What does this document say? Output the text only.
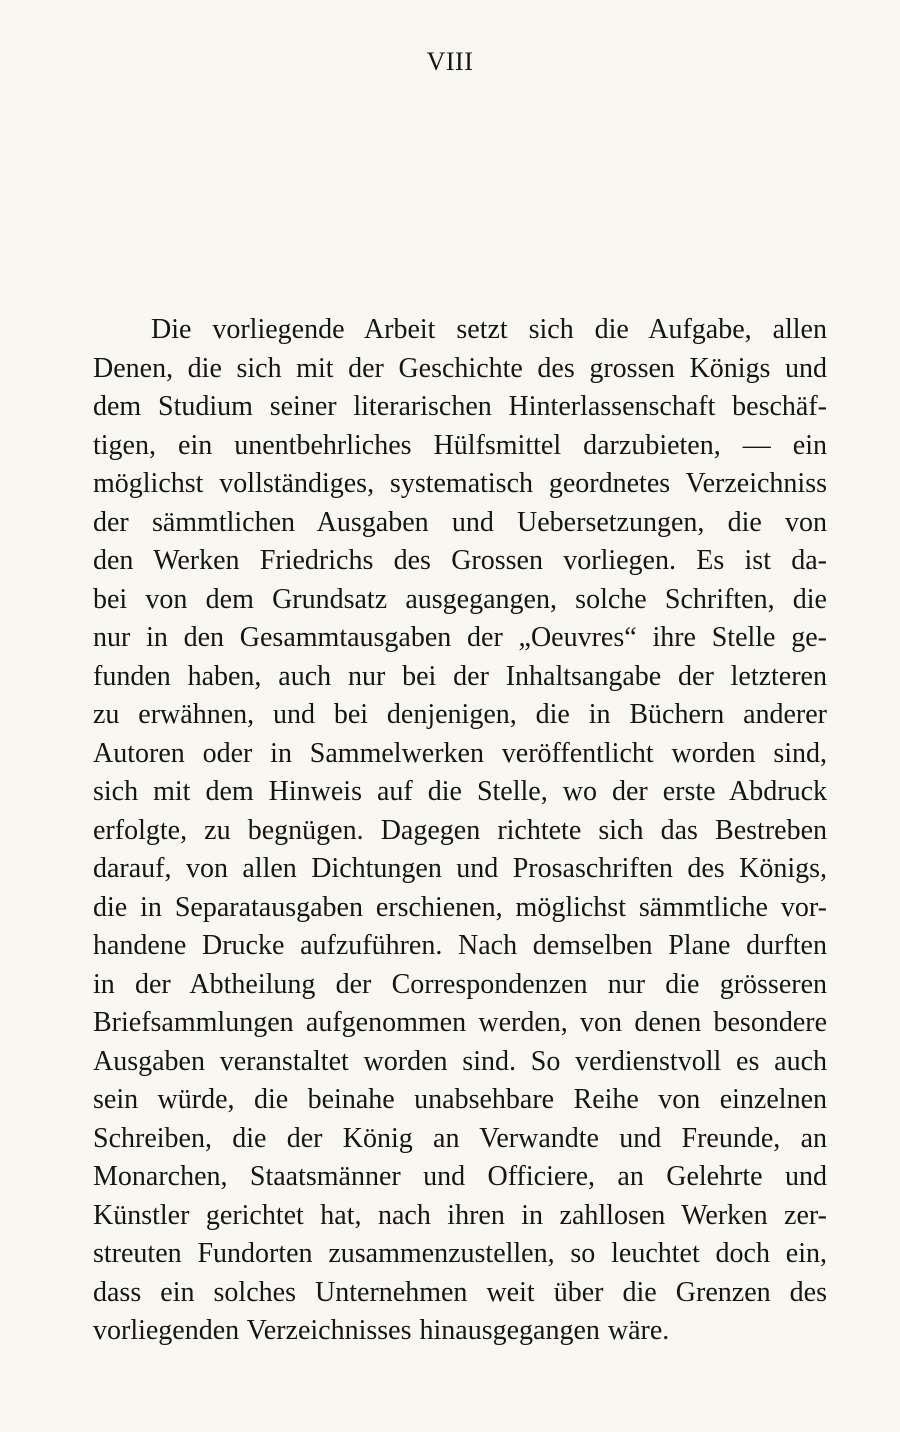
VIII
Die vorliegende Arbeit setzt sich die Aufgabe, allen
Denen, die sich mit der Geschichte des grossen Königs und
dem Studium seiner literarischen Hinterlassenschaft beschäf-
tigen, ein unentbehrliches Hülfsmittel darzubieten, — ein
möglichst vollständiges, systematisch geordnetes Verzeichniss
der sämmtlichen Ausgaben und Uebersetzungen, die von
den Werken Friedrichs des Grossen vorliegen. Es ist da-
bei von dem Grundsatz ausgegangen, solche Schriften, die
nur in den Gesammtausgaben der „Oeuvres“ ihre Stelle ge-
funden haben, auch nur bei der Inhaltsangabe der letzteren
zu erwähnen, und bei denjenigen, die in Büchern anderer
Autoren oder in Sammelwerken veröffentlicht worden sind,
sich mit dem Hinweis auf die Stelle, wo der erste Abdruck
erfolgte, zu begnügen. Dagegen richtete sich das Bestreben
darauf, von allen Dichtungen und Prosaschriften des Königs,
die in Separatausgaben erschienen, möglichst sämmtliche vor-
handene Drucke aufzuführen. Nach demselben Plane durften
in der Abtheilung der Correspondenzen nur die grösseren
Briefsammlungen aufgenommen werden, von denen besondere
Ausgaben veranstaltet worden sind. So verdienstvoll es auch
sein würde, die beinahe unabsehbare Reihe von einzelnen
Schreiben, die der König an Verwandte und Freunde, an
Monarchen, Staatsmänner und Officiere, an Gelehrte und
Künstler gerichtet hat, nach ihren in zahllosen Werken zer-
streuten Fundorten zusammenzustellen, so leuchtet doch ein,
dass ein solches Unternehmen weit über die Grenzen des
vorliegenden Verzeichnisses hinausgegangen wäre.
